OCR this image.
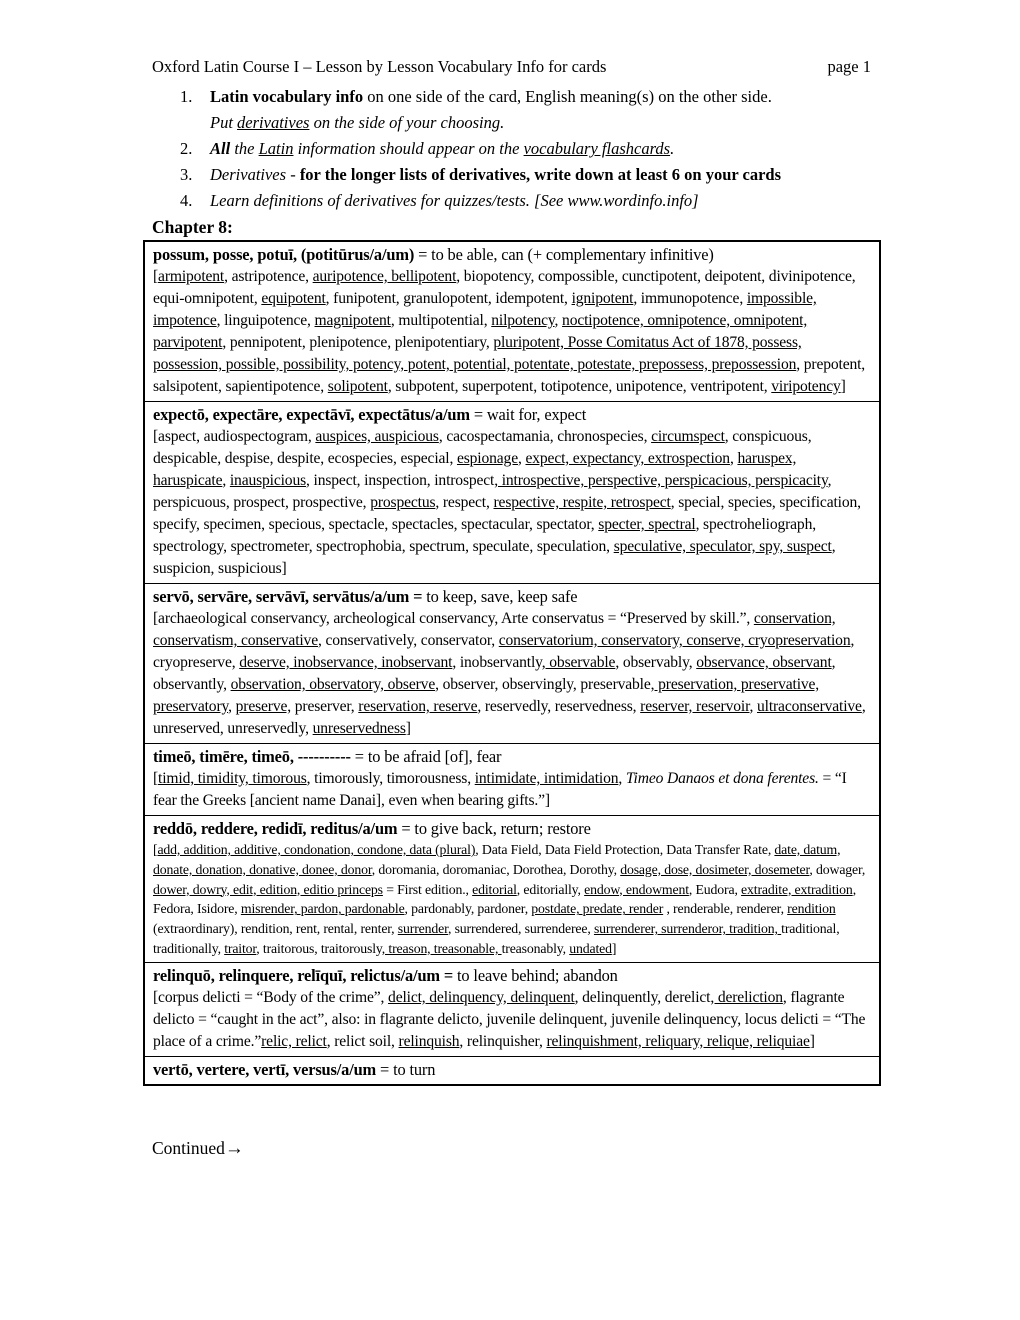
Oxford Latin Course I – Lesson by Lesson Vocabulary Info for cards	page 1
1.	Latin vocabulary info on one side of the card, English meaning(s) on the other side.
Put derivatives on the side of your choosing.
2.	All the Latin information should appear on the vocabulary flashcards.
3.	Derivatives - for the longer lists of derivatives, write down at least 6 on your cards
4.	Learn definitions of derivatives for quizzes/tests. [See www.wordinfo.info]
Chapter 8:
possum, posse, potuī, (potitūrus/a/um) = to be able, can (+ complementary infinitive)
[armipotent, astripotence, auripotence, bellipotent, biopotency, compossible, cunctipotent, deipotent, divinipotence, equi-omnipotent, equipotent, funipotent, granulopotent, idempotent, ignipotent, immunopotence, impossible, impotence, linguipotence, magnipotent, multipotential, nilpotency, noctipotence, omnipotence, omnipotent, parvipotent, pennipotent, plenipotence, plenipotentiary, pluripotent, Posse Comitatus Act of 1878, possess, possession, possible, possibility, potency, potent, potential, potentate, potestate, prepossess, prepossession, prepotent, salsipotent, sapientipotence, solipotent, subpotent, superpotent, totipotence, unipotence, ventripotent, viripotency]
expectō, expectāre, expectāvī, expectātus/a/um = wait for, expect
[aspect, audiospectogram, auspices, auspicious, cacospectamania, chronospecies, circumspect, conspicuous, despicable, despise, despite, ecospecies, especial, espionage, expect, expectancy, extrospection, haruspex, haruspicate, inauspicious, inspect, inspection, introspect, introspective, perspective, perspicacious, perspicacity, perspicuous, prospect, prospective, prospectus, respect, respective, respite, retrospect, special, species, specification, specify, specimen, specious, spectacle, spectacles, spectacular, spectator, specter, spectral, spectroheliograph, spectrology, spectrometer, spectrophobia, spectrum, speculate, speculation, speculative, speculator, spy, suspect, suspicion, suspicious]
servō, servāre, servāvī, servātus/a/um = to keep, save, keep safe
[archaeological conservancy, archeological conservancy, Arte conservatus = “Preserved by skill.”, conservation, conservatism, conservative, conservatively, conservator, conservatorium, conservatory, conserve, cryopreservation, cryopreserve, deserve, inobservance, inobservant, inobservantly, observable, observably, observance, observant, observantly, observation, observatory, observe, observer, observingly, preservable, preservation, preservative, preservatory, preserve, preserver, reservation, reserve, reservedly, reservedness, reserver, reservoir, ultraconservative, unreserved, unreservedly, unreservedness]
timeō, timēre, timeō, ---------- = to be afraid [of], fear
[timid, timidity, timorous, timorously, timorousness, intimidate, intimidation, Timeo Danaos et dona ferentes. = “I fear the Greeks [ancient name Danai], even when bearing gifts.”]
reddō, reddere, redidī, reditus/a/um = to give back, return; restore
[add, addition, additive, condonation, condone, data (plural), Data Field, Data Field Protection, Data Transfer Rate, date, datum, donate, donation, donative, donee, donor, doromania, doromaniac, Dorothea, Dorothy, dosage, dose, dosimeter, dosemeter, dowager, dower, dowry, edit, edition, editio princeps = First edition., editorial, editorially, endow, endowment, Eudora, extradite, extradition, Fedora, Isidore, misrender, pardon, pardonable, pardonably, pardoner, postdate, predate, render , renderable, renderer, rendition (extraordinary), rendition, rent, rental, renter, surrender, surrendered, surrenderee, surrenderer, surrenderor, tradition, traditional, traditionally, traitor, traitorous, traitorously, treason, treasonable, treasonably, undated]
relinquō, relinquere, relīquī, relictus/a/um = to leave behind; abandon
[corpus delicti = “Body of the crime”, delict, delinquency, delinquent, delinquently, derelict, dereliction, flagrante delicto = “caught in the act”, also: in flagrante delicto, juvenile delinquent, juvenile delinquency, locus delicti = “The place of a crime.”relic, relict, relict soil, relinquish, relinquisher, relinquishment, reliquary, relique, reliquiae]
vertō, vertere, vertī, versus/a/um = to turn
Continued→
